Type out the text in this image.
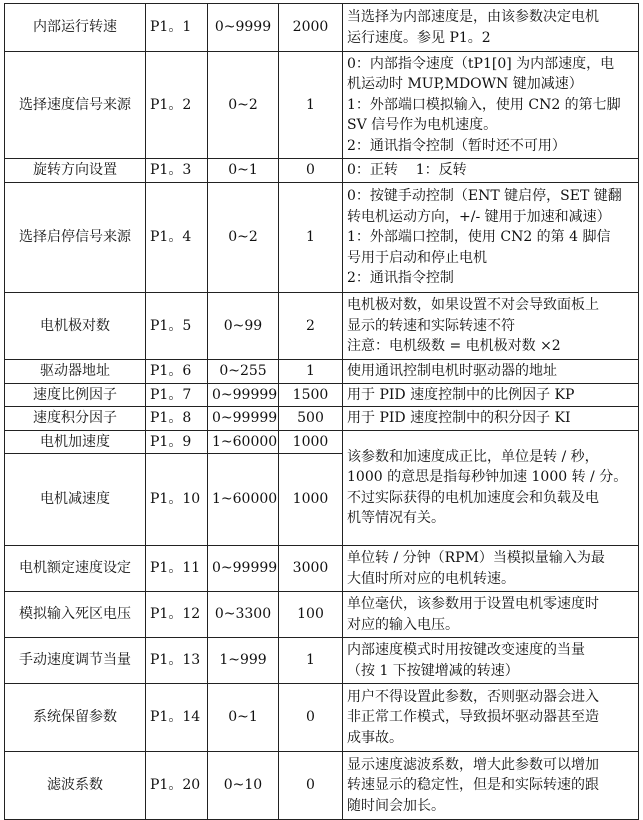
内部运行转速	P1。1	0~9999	2000	当选择为内部速度是，由该参数决定电机
运行速度。参见 P1。2

选择速度信号来源	P1。2	0~2	1	0：内部指令速度（tP1[0] 为内部速度，电
机运动时 MUP,MDOWN 键加减速）
1：外部端口模拟输入，使用 CN2 的第七脚
SV 信号作为电机速度。
2：通讯指令控制（暂时还不可用）

旋转方向设置	P1。3	0~1	0	0：正转    1：反转

选择启停信号来源	P1。4	0~2	1	0：按键手动控制（ENT 键启停，SET 键翻
转电机运动方向，+/- 键用于加速和减速）
1：外部端口控制，使用 CN2 的第 4 脚信
号用于启动和停止电机
2：通讯指令控制

电机极对数	P1。5	0~99	2	电机极对数，如果设置不对会导致面板上
显示的转速和实际转速不符
注意：电机级数 = 电机极对数 ×2

驱动器地址	P1。6	0~255	1	使用通讯控制电机时驱动器的地址

速度比例因子	P1。7	0~99999	1500	用于 PID 速度控制中的比例因子 KP

速度积分因子	P1。8	0~99999	500	用于 PID 速度控制中的积分因子 KI

电机加速度	P1。9	1~60000	1000	该参数和加速度成正比，单位是转 / 秒，
1000 的意思是指每秒钟加速 1000 转 / 分。
不过实际获得的电机加速度会和负载及电
机等情况有关。

电机减速度	P1。10	1~60000	1000	
电机额定速度设定	P1。11	0~99999	3000	单位转 / 分钟（RPM）当模拟量输入为最
大值时所对应的电机转速。

模拟输入死区电压	P1。12	0~3300	100	单位毫伏，该参数用于设置电机零速度时
对应的输入电压。

手动速度调节当量	P1。13	1~999	1	内部速度模式时用按键改变速度的当量
（按 1 下按键增减的转速）

系统保留参数	P1。14	0~1	0	用户不得设置此参数，否则驱动器会进入
非正常工作模式，导致损坏驱动器甚至造
成事故。

滤波系数	P1。20	0~10	0	显示速度滤波系数，增大此参数可以增加
转速显示的稳定性，但是和实际转速的跟
随时间会加长。
